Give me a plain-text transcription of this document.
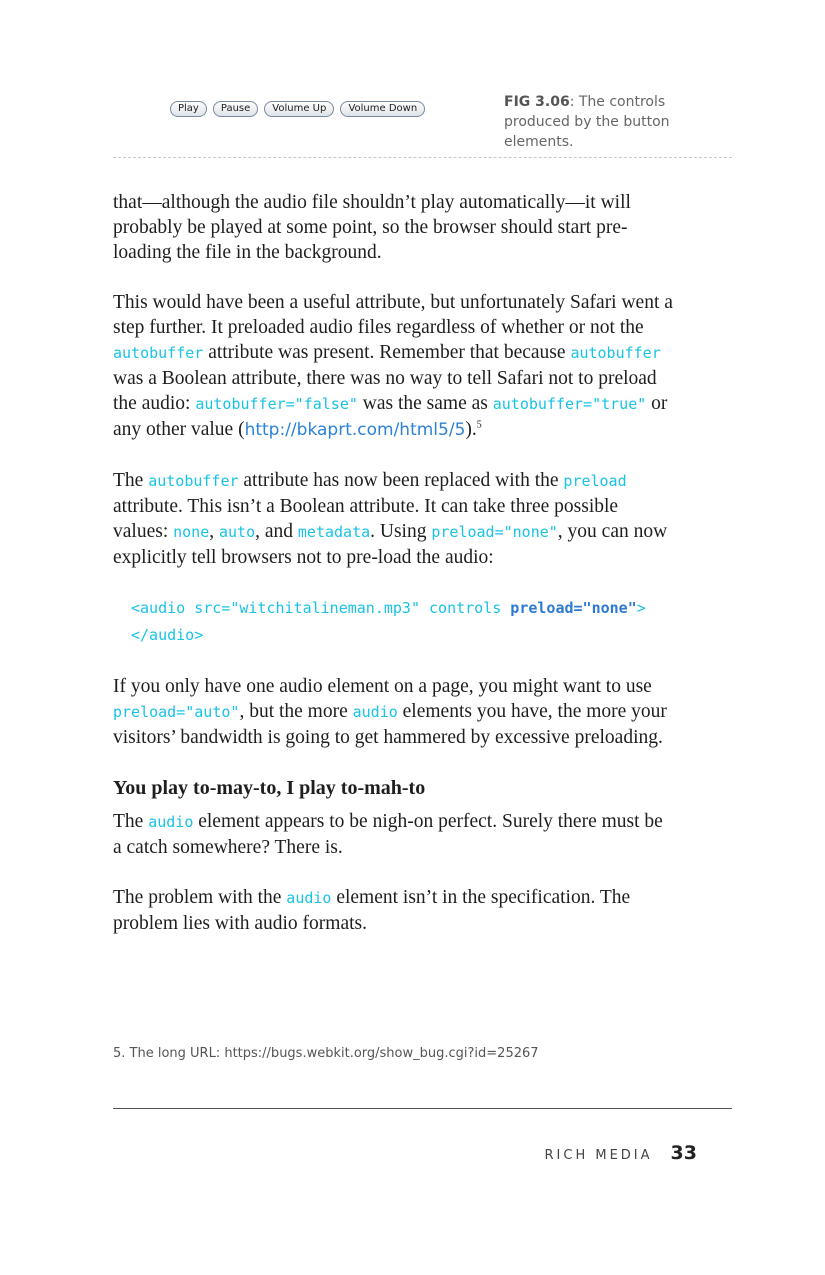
Play	Pause	Volume Up	Volume Down	FIG 3.06: The controls produced by the button elements.

that—although the audio file shouldn’t play automatically—it will probably be played at some point, so the browser should start pre-loading the file in the background.

This would have been a useful attribute, but unfortunately Safari went a step further. It preloaded audio files regardless of whether or not the autobuffer attribute was present. Remember that because autobuffer was a Boolean attribute, there was no way to tell Safari not to preload the audio: autobuffer="false" was the same as autobuffer="true" or any other value (http://bkaprt.com/html5/5).$^5$

The autobuffer attribute has now been replaced with the preload attribute. This isn’t a Boolean attribute. It can take three possible values: none, auto, and metadata. Using preload="none", you can now explicitly tell browsers not to pre-load the audio:

<audio src="witchitalineman.mp3" controls preload="none">
</audio>

If you only have one audio element on a page, you might want to use preload="auto", but the more audio elements you have, the more your visitors’ bandwidth is going to get hammered by excessive preloading.

You play to-may-to, I play to-mah-to

The audio element appears to be nigh-on perfect. Surely there must be a catch somewhere? There is.

The problem with the audio element isn’t in the specification. The problem lies with audio formats.

5. The long URL: https://bugs.webkit.org/show_bug.cgi?id=25267
RICH MEDIA 33
